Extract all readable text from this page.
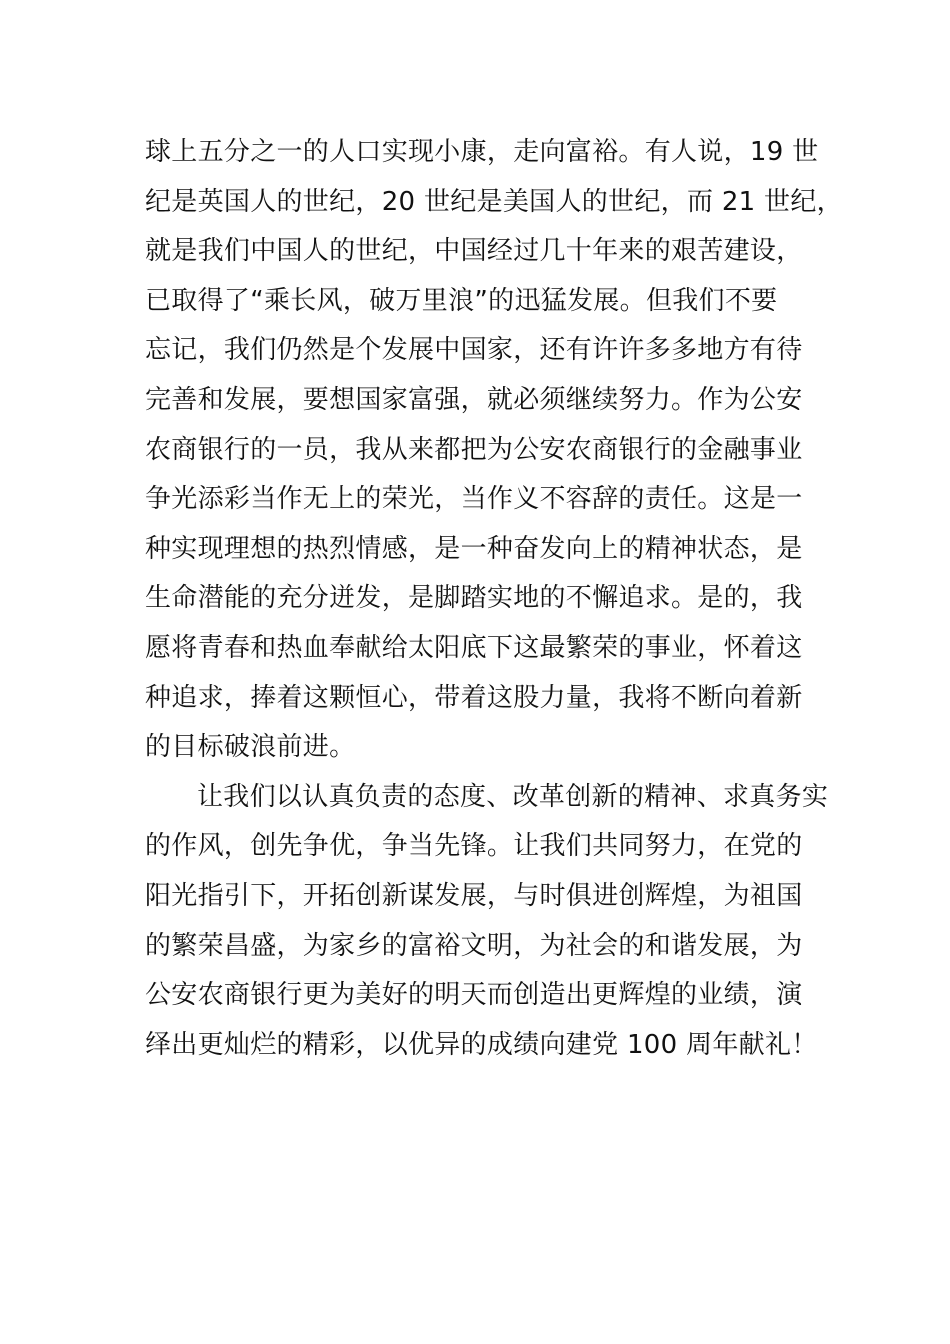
球上五分之一的人口实现小康，走向富裕。有人说，19 世
纪是英国人的世纪，20 世纪是美国人的世纪，而 21 世纪，
就是我们中国人的世纪，中国经过几十年来的艰苦建设，
已取得了“乘长风，破万里浪”的迅猛发展。但我们不要
忘记，我们仍然是个发展中国家，还有许许多多地方有待
完善和发展，要想国家富强，就必须继续努力。作为公安
农商银行的一员，我从来都把为公安农商银行的金融事业
争光添彩当作无上的荣光，当作义不容辞的责任。这是一
种实现理想的热烈情感，是一种奋发向上的精神状态，是
生命潜能的充分迸发，是脚踏实地的不懈追求。是的，我
愿将青春和热血奉献给太阳底下这最繁荣的事业，怀着这
种追求，捧着这颗恒心，带着这股力量，我将不断向着新
的目标破浪前进。
让我们以认真负责的态度、改革创新的精神、求真务实
的作风，创先争优，争当先锋。让我们共同努力，在党的
阳光指引下，开拓创新谋发展，与时俱进创辉煌，为祖国
的繁荣昌盛，为家乡的富裕文明，为社会的和谐发展，为
公安农商银行更为美好的明天而创造出更辉煌的业绩，演
绎出更灿烂的精彩，以优异的成绩向建党 100 周年献礼！
